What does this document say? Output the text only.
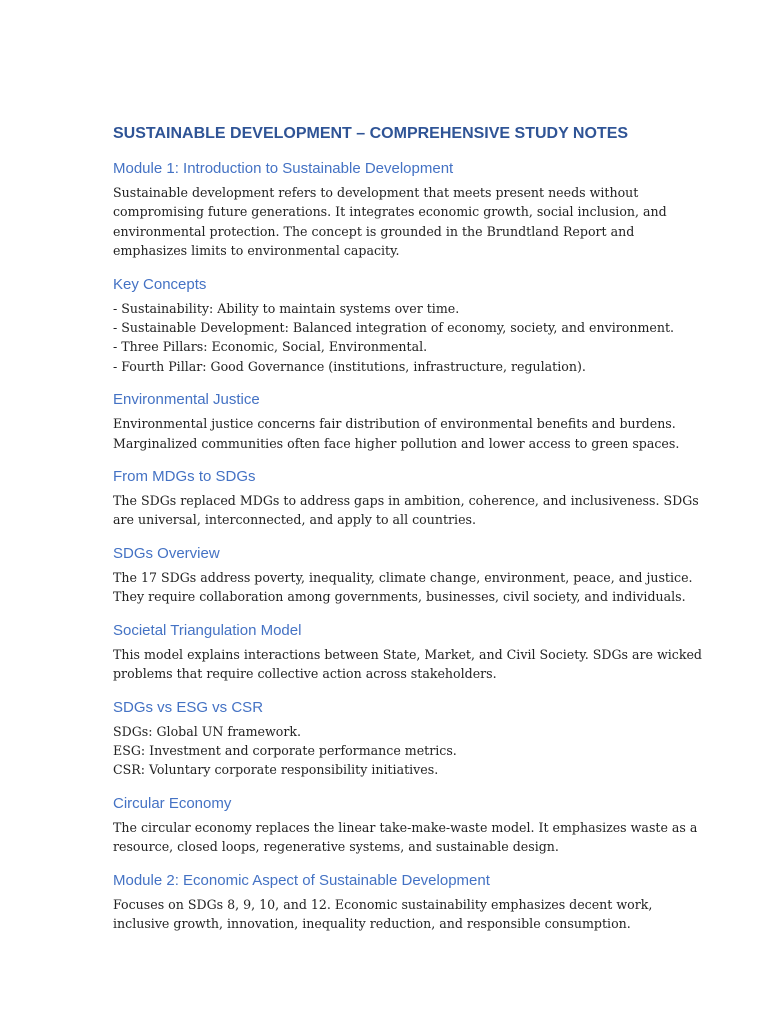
SUSTAINABLE DEVELOPMENT – COMPREHENSIVE STUDY NOTES
Module 1: Introduction to Sustainable Development

Sustainable development refers to development that meets present needs without

compromising future generations. It integrates economic growth, social inclusion, and

environmental protection. The concept is grounded in the Brundtland Report and

emphasizes limits to environmental capacity.

Key Concepts

- Sustainability: Ability to maintain systems over time.

- Sustainable Development: Balanced integration of economy, society, and environment.

- Three Pillars: Economic, Social, Environmental.

- Fourth Pillar: Good Governance (institutions, infrastructure, regulation).

Environmental Justice

Environmental justice concerns fair distribution of environmental benefits and burdens.

Marginalized communities often face higher pollution and lower access to green spaces.

From MDGs to SDGs

The SDGs replaced MDGs to address gaps in ambition, coherence, and inclusiveness. SDGs

are universal, interconnected, and apply to all countries.

SDGs Overview

The 17 SDGs address poverty, inequality, climate change, environment, peace, and justice.

They require collaboration among governments, businesses, civil society, and individuals.

Societal Triangulation Model

This model explains interactions between State, Market, and Civil Society. SDGs are wicked

problems that require collective action across stakeholders.

SDGs vs ESG vs CSR

SDGs: Global UN framework.

ESG: Investment and corporate performance metrics.

CSR: Voluntary corporate responsibility initiatives.

Circular Economy

The circular economy replaces the linear take-make-waste model. It emphasizes waste as a

resource, closed loops, regenerative systems, and sustainable design.

Module 2: Economic Aspect of Sustainable Development

Focuses on SDGs 8, 9, 10, and 12. Economic sustainability emphasizes decent work,

inclusive growth, innovation, inequality reduction, and responsible consumption.
